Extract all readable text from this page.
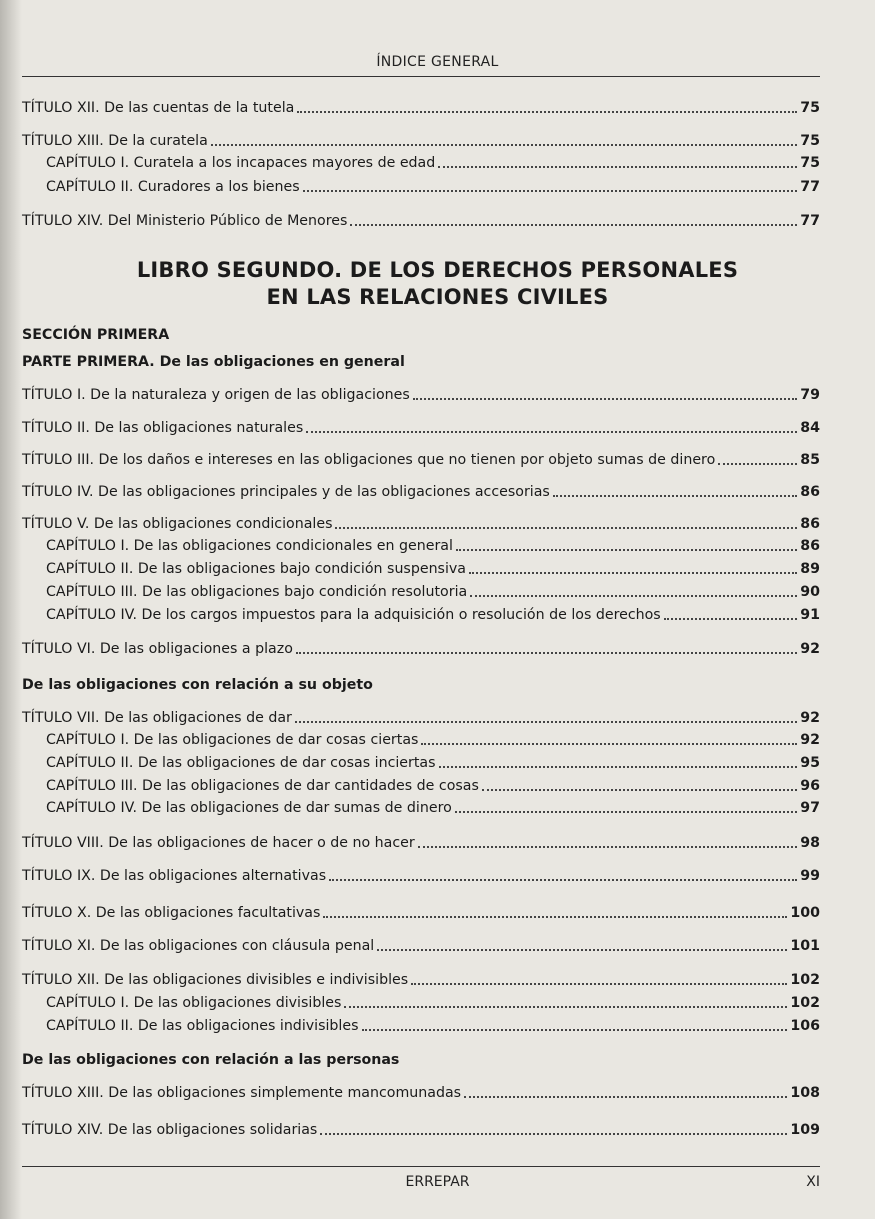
ÍNDICE GENERAL
LIBRO SEGUNDO. DE LOS DERECHOS PERSONALES
EN LAS RELACIONES CIVILES
SECCIÓN PRIMERA
PARTE PRIMERA. De las obligaciones en general
De las obligaciones con relación a su objeto
De las obligaciones con relación a las personas
ERREPAR	XI
TÍTULO XII. De las cuentas de la tutela	75
TÍTULO XIII. De la curatela	75
CAPÍTULO I. Curatela a los incapaces mayores de edad	75
CAPÍTULO II. Curadores a los bienes	77
TÍTULO XIV. Del Ministerio Público de Menores	77
TÍTULO I. De la naturaleza y origen de las obligaciones	79
TÍTULO II. De las obligaciones naturales	84
TÍTULO III. De los daños e intereses en las obligaciones que no tienen por objeto sumas de dinero	85
TÍTULO IV. De las obligaciones principales y de las obligaciones accesorias	86
TÍTULO V. De las obligaciones condicionales	86
CAPÍTULO I. De las obligaciones condicionales en general	86
CAPÍTULO II. De las obligaciones bajo condición suspensiva	89
CAPÍTULO III. De las obligaciones bajo condición resolutoria	90
CAPÍTULO IV. De los cargos impuestos para la adquisición o resolución de los derechos	91
TÍTULO VI. De las obligaciones a plazo	92
TÍTULO VII. De las obligaciones de dar	92
CAPÍTULO I. De las obligaciones de dar cosas ciertas	92
CAPÍTULO II. De las obligaciones de dar cosas inciertas	95
CAPÍTULO III. De las obligaciones de dar cantidades de cosas	96
CAPÍTULO IV. De las obligaciones de dar sumas de dinero	97
TÍTULO VIII. De las obligaciones de hacer o de no hacer	98
TÍTULO IX. De las obligaciones alternativas	99
TÍTULO X. De las obligaciones facultativas	100
TÍTULO XI. De las obligaciones con cláusula penal	101
TÍTULO XII. De las obligaciones divisibles e indivisibles	102
CAPÍTULO I. De las obligaciones divisibles	102
CAPÍTULO II. De las obligaciones indivisibles	106
TÍTULO XIII. De las obligaciones simplemente mancomunadas	108
TÍTULO XIV. De las obligaciones solidarias	109
